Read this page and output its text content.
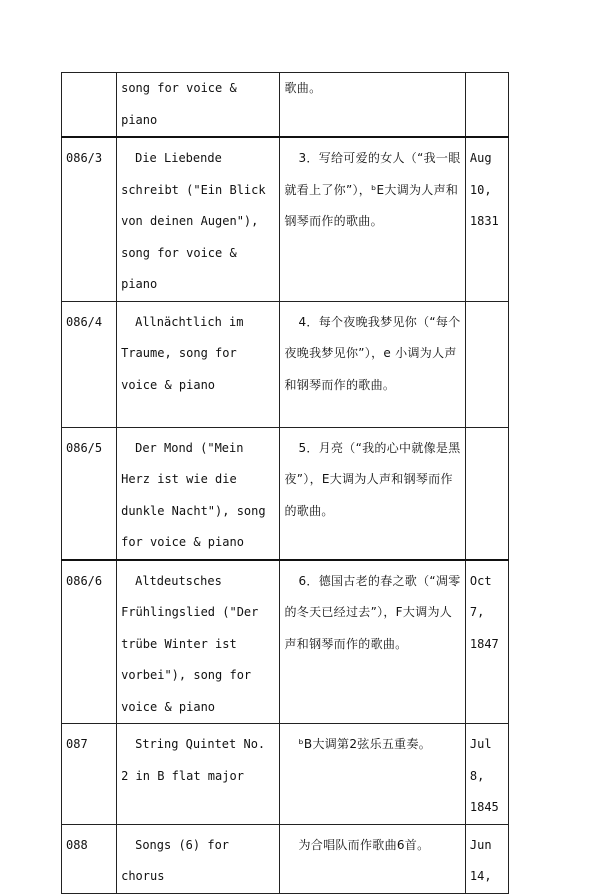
	song for voice & piano	歌曲。	
086/3	Die Liebende schreibt ("Ein Blick von deinen Augen"), song for voice & piano	3．写给可爱的女人（“我一眼就看上了你”），ᵇE大调为人声和钢琴而作的歌曲。	Aug 10, 1831
086/4	Allnächtlich im Traume, song for voice & piano	4．每个夜晚我梦见你（“每个夜晚我梦见你”），e 小调为人声和钢琴而作的歌曲。	
086/5	Der Mond ("Mein Herz ist wie die dunkle Nacht"), song for voice & piano	5．月亮（“我的心中就像是黑夜”），E大调为人声和钢琴而作的歌曲。	
086/6	Altdeutsches Frühlingslied ("Der trübe Winter ist vorbei"), song for voice & piano	6．德国古老的春之歌（“凋零的冬天已经过去”），F大调为人声和钢琴而作的歌曲。	Oct 7, 1847
087	String Quintet No. 2 in B flat major	ᵇB大调第2弦乐五重奏。	Jul 8, 1845
088	Songs (6) for chorus	为合唱队而作歌曲6首。	Jun 14,
